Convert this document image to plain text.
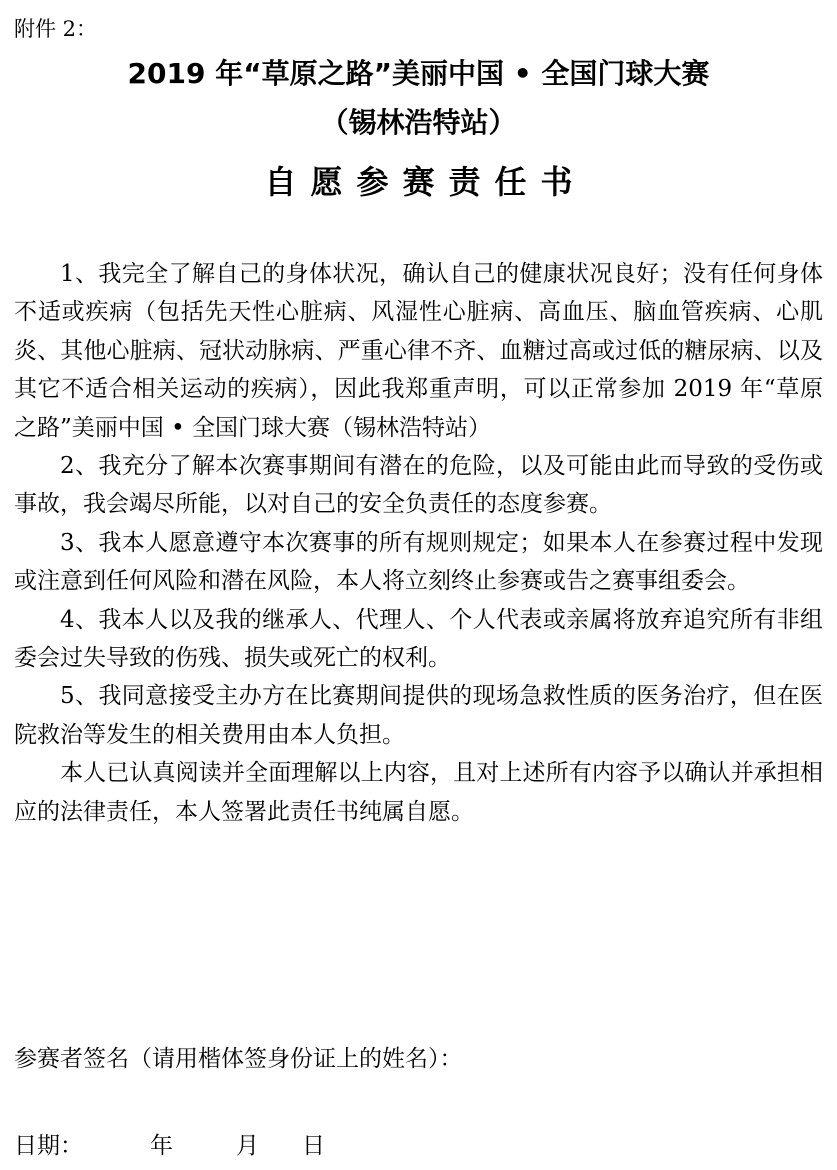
附件 2：
2019 年“草原之路”美丽中国 • 全国门球大赛
（锡林浩特站）
自愿参赛责任书

1、我完全了解自己的身体状况，确认自己的健康状况良好；没有任何身体不适或疾病（包括先天性心脏病、风湿性心脏病、高血压、脑血管疾病、心肌炎、其他心脏病、冠状动脉病、严重心律不齐、血糖过高或过低的糖尿病、以及其它不适合相关运动的疾病），因此我郑重声明，可以正常参加 2019 年“草原之路”美丽中国 • 全国门球大赛（锡林浩特站）

2、我充分了解本次赛事期间有潜在的危险，以及可能由此而导致的受伤或事故，我会竭尽所能，以对自己的安全负责任的态度参赛。

3、我本人愿意遵守本次赛事的所有规则规定；如果本人在参赛过程中发现或注意到任何风险和潜在风险，本人将立刻终止参赛或告之赛事组委会。

4、我本人以及我的继承人、代理人、个人代表或亲属将放弃追究所有非组委会过失导致的伤残、损失或死亡的权利。

5、我同意接受主办方在比赛期间提供的现场急救性质的医务治疗，但在医院救治等发生的相关费用由本人负担。

本人已认真阅读并全面理解以上内容，且对上述所有内容予以确认并承担相应的法律责任，本人签署此责任书纯属自愿。

参赛者签名（请用楷体签身份证上的姓名）：
日期：	年	月 日
